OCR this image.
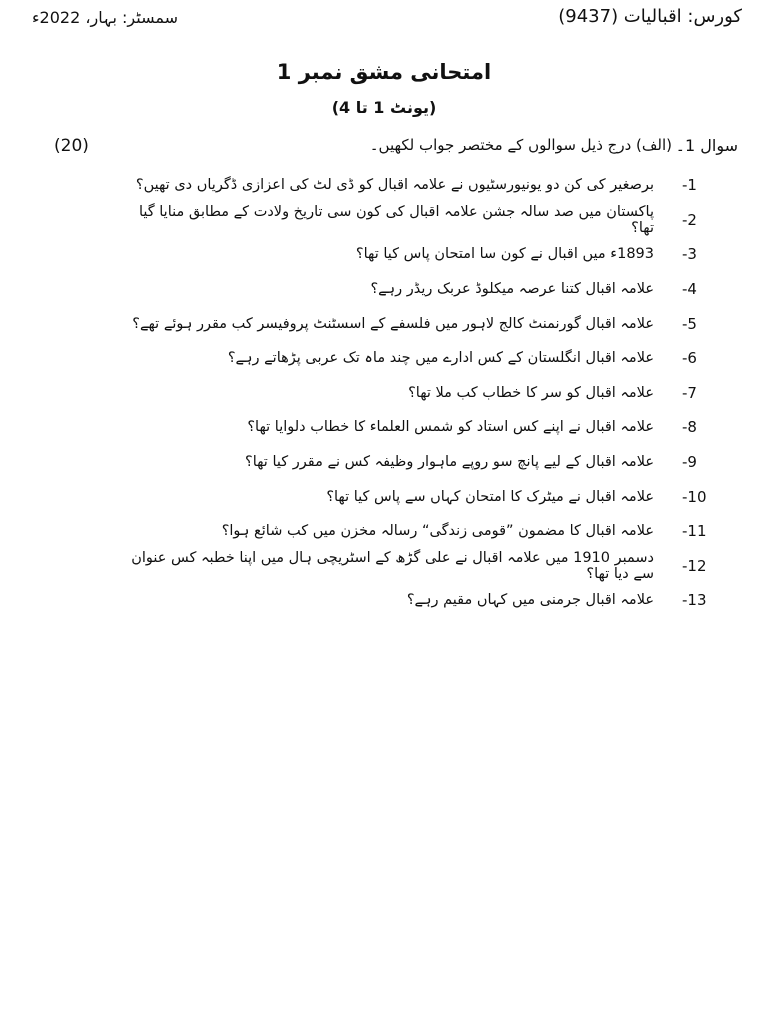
کورس: اقبالیات (9437)
سمسٹر: بہار، 2022ء
امتحانی مشق نمبر 1
(یونٹ 1 تا 4)
سوال 1۔
(الف) درج ذیل سوالوں کے مختصر جواب لکھیں۔
(20)
-1
برصغیر کی کن دو یونیورسٹیوں نے علامہ اقبال کو ڈی لٹ کی اعزازی ڈگریاں دی تھیں؟
-2
پاکستان میں صد سالہ جشن علامہ اقبال کی کون سی تاریخ ولادت کے مطابق منایا گیا تھا؟
-3
1893ء میں اقبال نے کون سا امتحان پاس کیا تھا؟
-4
علامہ اقبال کتنا عرصہ میکلوڈ عربک ریڈر رہے؟
-5
علامہ اقبال گورنمنٹ کالج لاہور میں فلسفے کے اسسٹنٹ پروفیسر کب مقرر ہوئے تھے؟
-6
علامہ اقبال انگلستان کے کس ادارے میں چند ماہ تک عربی پڑھاتے رہے؟
-7
علامہ اقبال کو سر کا خطاب کب ملا تھا؟
-8
علامہ اقبال نے اپنے کس استاد کو شمس العلماء کا خطاب دلوایا تھا؟
-9
علامہ اقبال کے لیے پانچ سو روپے ماہوار وظیفہ کس نے مقرر کیا تھا؟
-10
علامہ اقبال نے میٹرک کا امتحان کہاں سے پاس کیا تھا؟
-11
علامہ اقبال کا مضمون ”قومی زندگی“ رسالہ مخزن میں کب شائع ہوا؟
-12
دسمبر 1910 میں علامہ اقبال نے علی گڑھ کے اسٹریچی ہال میں اپنا خطبہ کس عنوان سے دیا تھا؟
-13
علامہ اقبال جرمنی میں کہاں مقیم رہے؟
